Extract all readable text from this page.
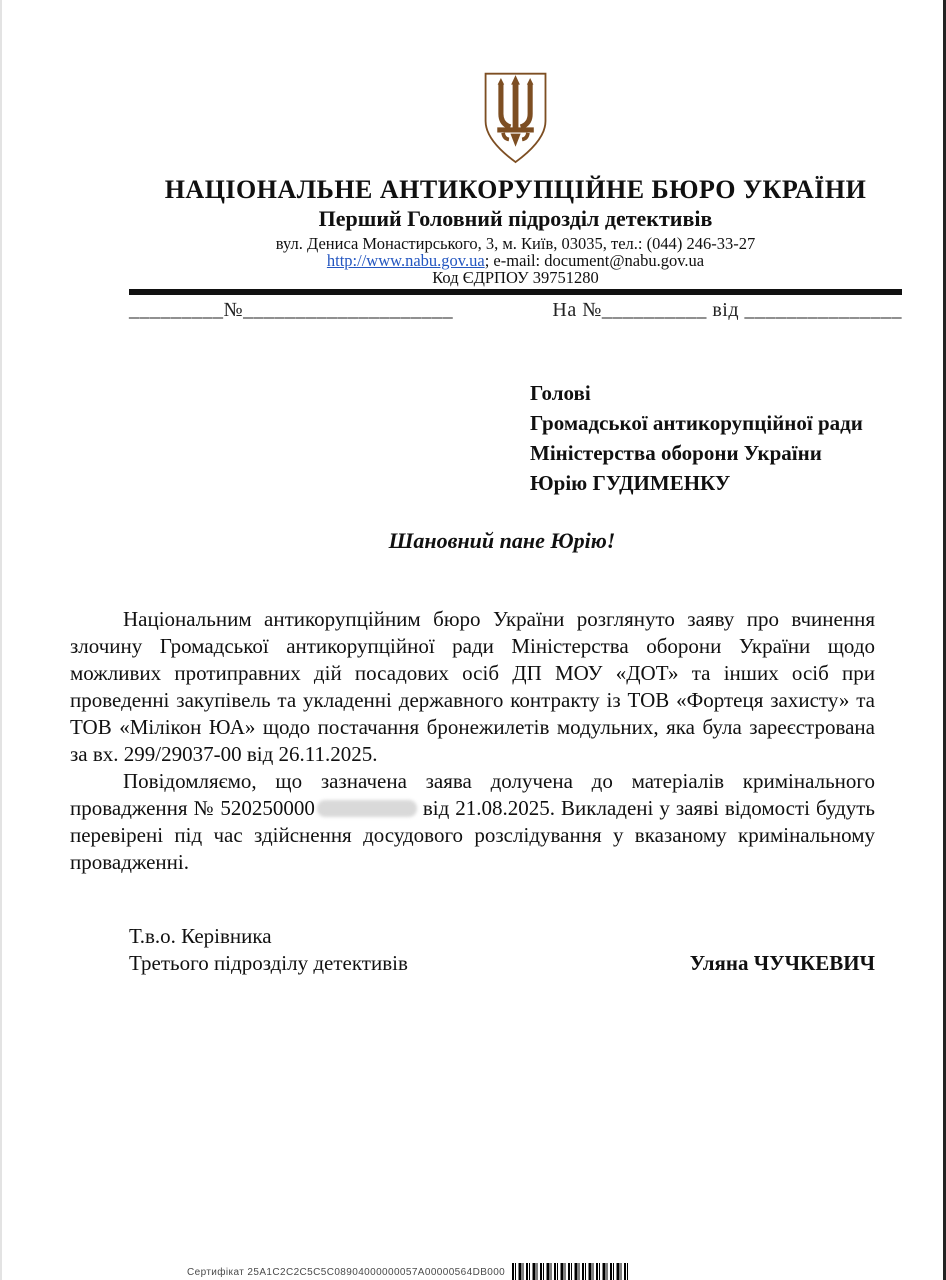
НАЦІОНАЛЬНЕ АНТИКОРУПЦІЙНЕ БЮРО УКРАЇНИ
Перший Головний підрозділ детективів
вул. Дениса Монастирського, 3, м. Київ, 03035, тел.: (044) 246-33-27
http://www.nabu.gov.ua; e-mail: document@nabu.gov.ua
Код ЄДРПОУ 39751280
_________№____________________	На №__________ від _______________
Голові
Громадської антикорупційної ради
Міністерства оборони України
Юрію ГУДИМЕНКУ
Шановний пане Юрію!

Національним антикорупційним бюро України розглянуто заяву про вчинення злочину Громадської антикорупційної ради Міністерства оборони України щодо можливих протиправних дій посадових осіб ДП МОУ «ДОТ» та інших осіб при проведенні закупівель та укладенні державного контракту із ТОВ «Фортеця захисту» та ТОВ «Мілікон ЮА» щодо постачання бронежилетів модульних, яка була зареєстрована за вх. 299/29037-00 від 26.11.2025.

Повідомляємо, що зазначена заява долучена до матеріалів кримінального провадження № 520250000	від 21.08.2025. Викладені у заяві відомості будуть перевірені під час здійснення досудового розслідування у вказаному кримінальному провадженні.

Т.в.о. Керівника
Третього підрозділу детективів	Уляна ЧУЧКЕВИЧ
Сертифікат 25A1C2C2C5C5C08904000000057A00000564DB000
